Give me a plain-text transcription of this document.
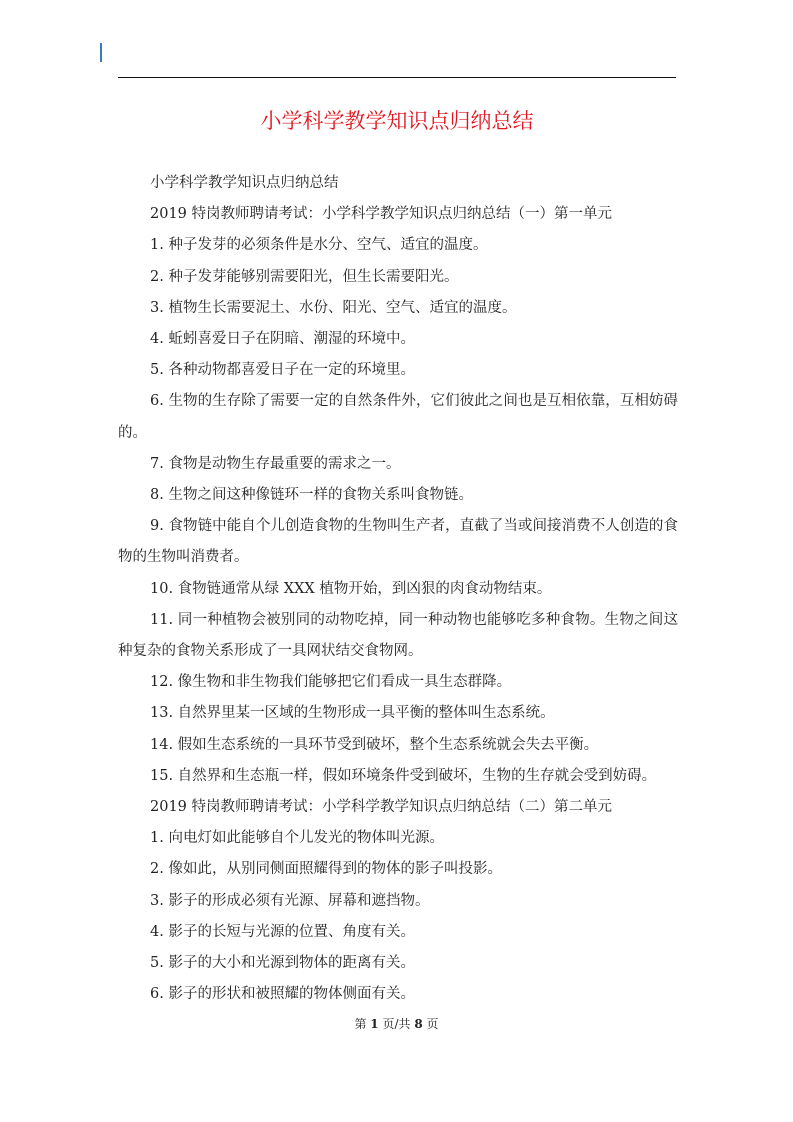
小学科学教学知识点归纳总结

小学科学教学知识点归纳总结

2019 特岗教师聘请考试：小学科学教学知识点归纳总结（一）第一单元

1. 种子发芽的必须条件是水分、空气、适宜的温度。

2. 种子发芽能够别需要阳光，但生长需要阳光。

3. 植物生长需要泥土、水份、阳光、空气、适宜的温度。

4. 蚯蚓喜爱日子在阴暗、潮湿的环境中。

5. 各种动物都喜爱日子在一定的环境里。

6. 生物的生存除了需要一定的自然条件外，它们彼此之间也是互相依靠，互相妨碍的。

7. 食物是动物生存最重要的需求之一。

8. 生物之间这种像链环一样的食物关系叫食物链。

9. 食物链中能自个儿创造食物的生物叫生产者，直截了当或间接消费不人创造的食物的生物叫消费者。

10. 食物链通常从绿 XXX 植物开始，到凶狠的肉食动物结束。

11. 同一种植物会被别同的动物吃掉，同一种动物也能够吃多种食物。生物之间这种复杂的食物关系形成了一具网状结交食物网。

12. 像生物和非生物我们能够把它们看成一具生态群降。

13. 自然界里某一区域的生物形成一具平衡的整体叫生态系统。

14. 假如生态系统的一具环节受到破坏，整个生态系统就会失去平衡。

15. 自然界和生态瓶一样，假如环境条件受到破坏，生物的生存就会受到妨碍。

2019 特岗教师聘请考试：小学科学教学知识点归纳总结（二）第二单元

1. 向电灯如此能够自个儿发光的物体叫光源。

2. 像如此，从别同侧面照耀得到的物体的影子叫投影。

3. 影子的形成必须有光源、屏幕和遮挡物。

4. 影子的长短与光源的位置、角度有关。

5. 影子的大小和光源到物体的距离有关。

6. 影子的形状和被照耀的物体侧面有关。

第 1 页/共 8 页
